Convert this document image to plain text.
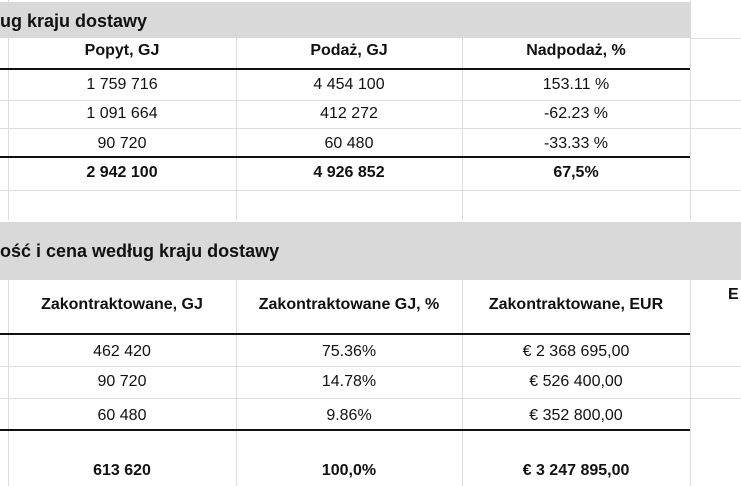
ug kraju dostawy
Popyt, GJ	Podaż, GJ	Nadpodaż, %
1 759 716	4 454 100	153.11 %
1 091 664	412 272	-62.23 %
90 720	60 480	-33.33 %
2 942 100	4 926 852	67,5%
ość i cena według kraju dostawy
Zakontraktowane, GJ	Zakontraktowane GJ, %	Zakontraktowane, EUR
E
462 420	75.36%	€ 2 368 695,00
90 720	14.78%	€ 526 400,00
60 480	9.86%	€ 352 800,00
613 620	100,0%	€ 3 247 895,00
